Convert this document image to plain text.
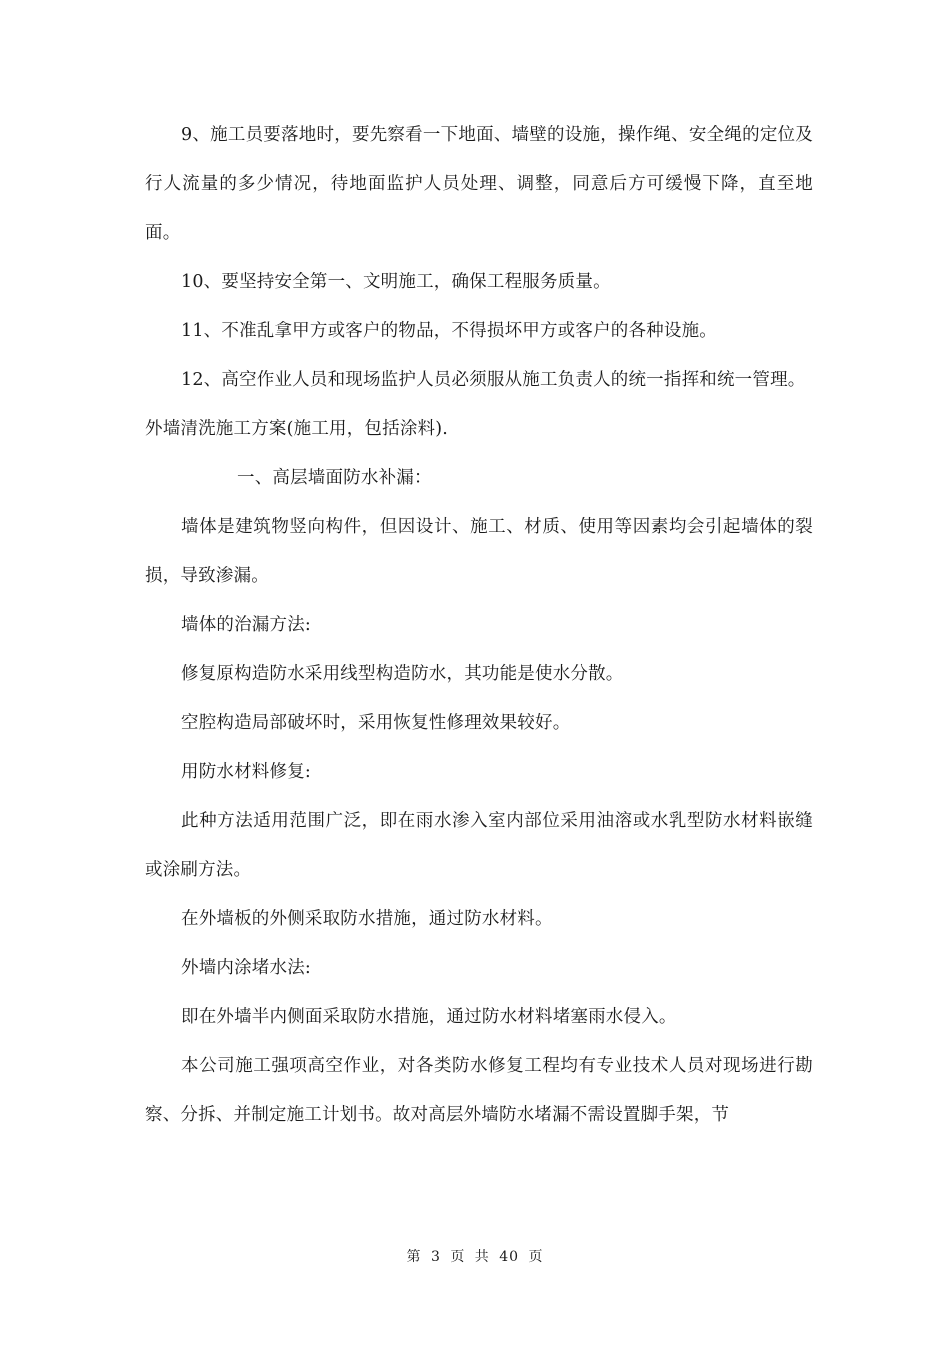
9、施工员要落地时，要先察看一下地面、墙壁的设施，操作绳、安全绳的定位及行人流量的多少情况，待地面监护人员处理、调整，同意后方可缓慢下降，直至地面。

10、要坚持安全第一、文明施工，确保工程服务质量。

11、不准乱拿甲方或客户的物品，不得损坏甲方或客户的各种设施。

12、高空作业人员和现场监护人员必须服从施工负责人的统一指挥和统一管理。

外墙清洗施工方案(施工用，包括涂料).

一、高层墙面防水补漏：

墙体是建筑物竖向构件，但因设计、施工、材质、使用等因素均会引起墙体的裂损，导致渗漏。

墙体的治漏方法:

修复原构造防水采用线型构造防水，其功能是使水分散。

空腔构造局部破坏时，采用恢复性修理效果较好。

用防水材料修复:

此种方法适用范围广泛，即在雨水渗入室内部位采用油溶或水乳型防水材料嵌缝或涂刷方法。

在外墙板的外侧采取防水措施，通过防水材料。

外墙内涂堵水法:

即在外墙半内侧面采取防水措施，通过防水材料堵塞雨水侵入。

本公司施工强项高空作业，对各类防水修复工程均有专业技术人员对现场进行勘察、分拆、并制定施工计划书。故对高层外墙防水堵漏不需设置脚手架，节

第 3 页 共 40 页
